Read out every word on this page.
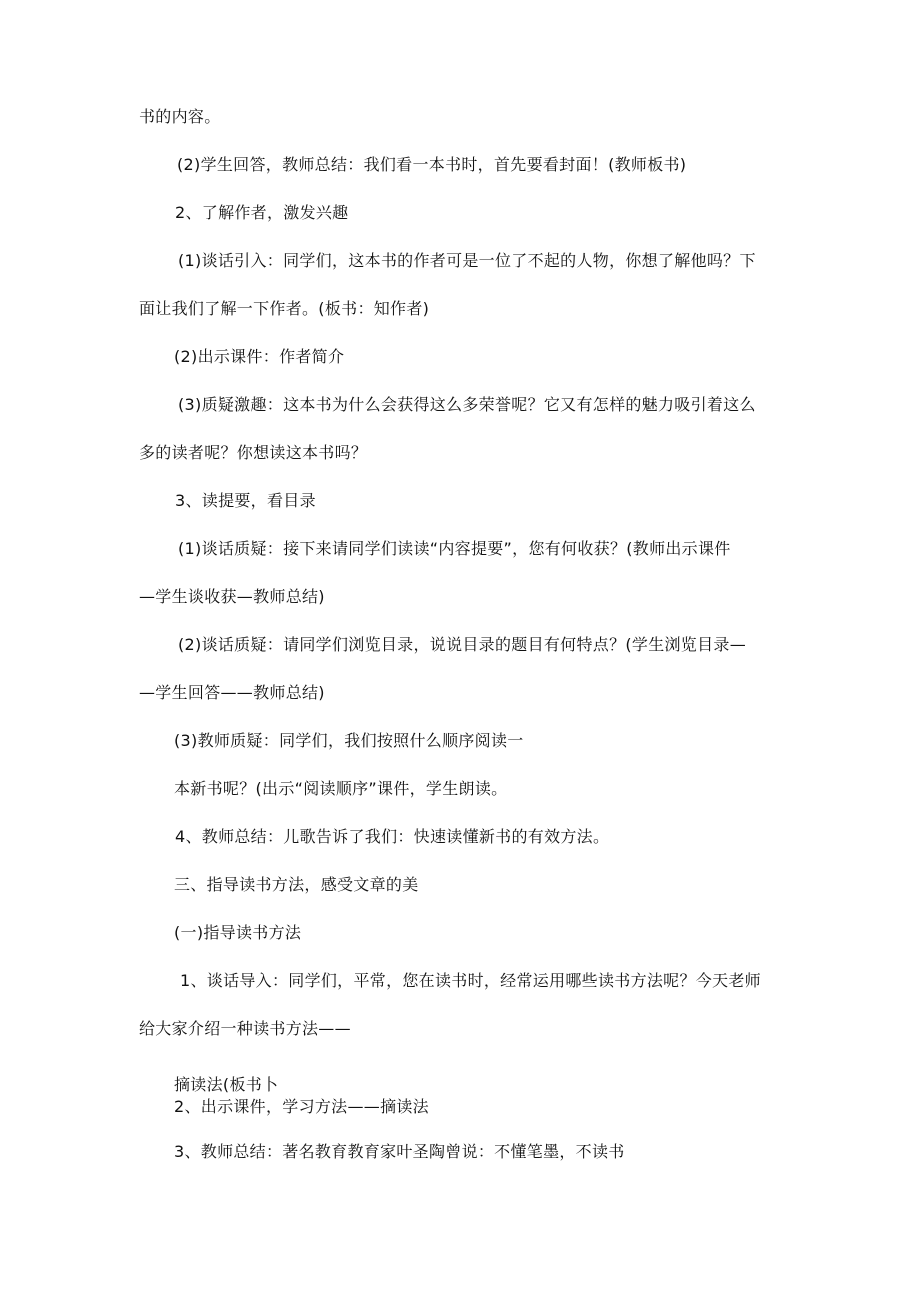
书的内容。
(2)学生回答，教师总结：我们看一本书时，首先要看封面！(教师板书)
2、了解作者，激发兴趣
(1)谈话引入：同学们，这本书的作者可是一位了不起的人物，你想了解他吗？下
面让我们了解一下作者。(板书：知作者)
(2)出示课件：作者简介
(3)质疑激趣：这本书为什么会获得这么多荣誉呢？它又有怎样的魅力吸引着这么
多的读者呢？你想读这本书吗？
3、读提要，看目录
(1)谈话质疑：接下来请同学们读读“内容提要”，您有何收获？(教师出示课件
—学生谈收获—教师总结)
(2)谈话质疑：请同学们浏览目录，说说目录的题目有何特点？(学生浏览目录—
—学生回答——教师总结)
(3)教师质疑：同学们，我们按照什么顺序阅读一
本新书呢？(出示“阅读顺序”课件，学生朗读。
4、教师总结：儿歌告诉了我们：快速读懂新书的有效方法。
三、指导读书方法，感受文章的美
(一)指导读书方法
1、谈话导入：同学们，平常，您在读书时，经常运用哪些读书方法呢？今天老师
给大家介绍一种读书方法——
摘读法(板书卜
2、出示课件，学习方法——摘读法
3、教师总结：著名教育教育家叶圣陶曾说：不懂笔墨，不读书
